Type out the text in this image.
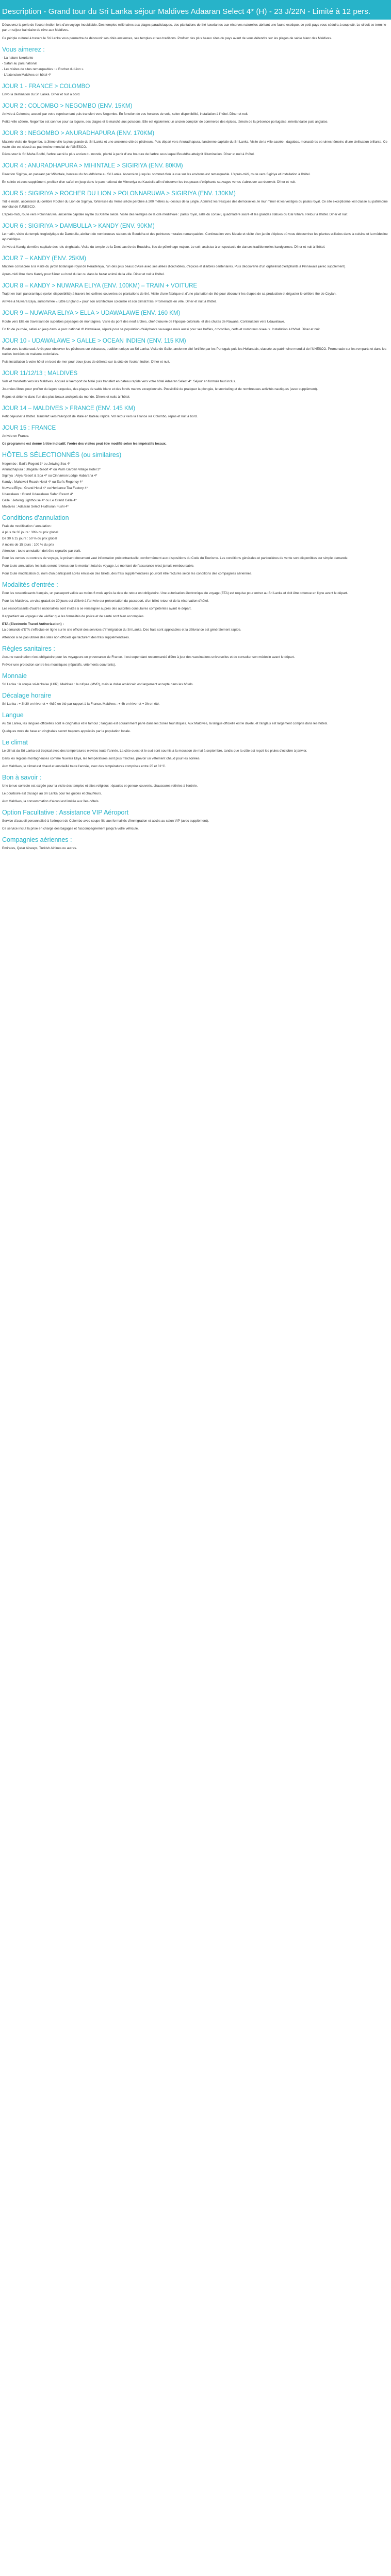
Description - Grand tour du Sri Lanka séjour Maldives Adaaran Select 4* (H) - 23 J/22N - Limité à 12 pers.

Découvrez la perle de l'océan Indien lors d'un voyage inoubliable. Des temples millénaires aux plages paradisiaques, des plantations de thé luxuriantes aux réserves naturelles abritant une faune exotique, ce petit pays vous séduira à coup sûr. Le circuit se termine par un séjour balnéaire de rêve aux Maldives.

Ce périple culturel à travers le Sri Lanka vous permettra de découvrir ses cités anciennes, ses temples et ses traditions. Profitez des plus beaux sites du pays avant de vous détendre sur les plages de sable blanc des Maldives.

Vous aimerez :
- La nature luxuriante
- Safari au parc national
- Les visites de sites remarquables : « Rocher du Lion »
- L'extension Maldives en hôtel 4*
JOUR 1 - FRANCE > COLOMBO

Envol à destination du Sri Lanka. Dîner et nuit à bord.

JOUR 2 : COLOMBO > NEGOMBO (ENV. 15KM)

Arrivée à Colombo, accueil par votre représentant puis transfert vers Negombo. En fonction de vos horaires de vols, selon disponibilité, installation à l'hôtel. Dîner et nuit.

Petite ville côtière, Negombo est connue pour sa lagune, ses plages et le marché aux poissons. Elle est également un ancien comptoir de commerce des épices, témoin de la présence portugaise, néerlandaise puis anglaise.

JOUR 3 : NEGOMBO > ANURADHAPURA (ENV. 170KM)

Matinée visite de Negombo, la 3ème ville la plus grande du Sri Lanka et une ancienne cité de pêcheurs. Puis départ vers Anuradhapura, l'ancienne capitale du Sri Lanka. Visite de la ville sacrée : dagobas, monastères et ruines témoins d'une civilisation brillante. Ce vaste site est classé au patrimoine mondial de l'UNESCO.

Découvrez le Sri Maha Bodhi, l'arbre sacré le plus ancien du monde, planté à partir d'une bouture de l'arbre sous lequel Bouddha atteignit l'illumination. Dîner et nuit à l'hôtel.

JOUR 4 : ANURADHAPURA > MIHINTALE > SIGIRIYA (ENV. 80KM)

Direction Sigiriya, en passant par Mihintale, berceau du bouddhisme au Sri Lanka. Ascension jusqu'au sommet d'où la vue sur les environs est remarquable. L'après-midi, route vers Sigiriya et installation à l'hôtel.

En soirée et avec supplément, profitez d'un safari en jeep dans le parc national de Minneriya ou Kaudulla afin d'observer les troupeaux d'éléphants sauvages venus s'abreuver au réservoir. Dîner et nuit.

JOUR 5 : SIGIRIYA > ROCHER DU LION > POLONNARUWA > SIGIRIYA (ENV. 130KM)

Tôt le matin, ascension du célèbre Rocher du Lion de Sigiriya, forteresse du Vème siècle perchée à 200 mètres au-dessus de la jungle. Admirez les fresques des demoiselles, le mur miroir et les vestiges du palais royal. Ce site exceptionnel est classé au patrimoine mondial de l'UNESCO.

L'après-midi, route vers Polonnaruwa, ancienne capitale royale du XIème siècle. Visite des vestiges de la cité médiévale : palais royal, salle du conseil, quadrilatère sacré et les grandes statues du Gal Vihara. Retour à l'hôtel. Dîner et nuit.

JOUR 6 : SIGIRIYA > DAMBULLA > KANDY (ENV. 90KM)

Le matin, visite du temple troglodytique de Dambulla, abritant de nombreuses statues de Bouddha et des peintures murales remarquables. Continuation vers Matale et visite d'un jardin d'épices où vous découvrirez les plantes utilisées dans la cuisine et la médecine ayurvédique.

Arrivée à Kandy, dernière capitale des rois cinghalais. Visite du temple de la Dent sacrée du Bouddha, lieu de pèlerinage majeur. Le soir, assistez à un spectacle de danses traditionnelles kandyennes. Dîner et nuit à l'hôtel.

JOUR 7 – KANDY (ENV. 25KM)

Matinée consacrée à la visite du jardin botanique royal de Peradeniya, l'un des plus beaux d'Asie avec ses allées d'orchidées, d'épices et d'arbres centenaires. Puis découverte d'un orphelinat d'éléphants à Pinnawala (avec supplément).

Après-midi libre dans Kandy pour flâner au bord du lac ou dans le bazar animé de la ville. Dîner et nuit à l'hôtel.

JOUR 8 – KANDY > NUWARA ELIYA (ENV. 100KM) – TRAIN + VOITURE

Trajet en train panoramique (selon disponibilité) à travers les collines couvertes de plantations de thé. Visite d'une fabrique et d'une plantation de thé pour découvrir les étapes de sa production et déguster le célèbre thé de Ceylan.

Arrivée à Nuwara Eliya, surnommée « Little England » pour son architecture coloniale et son climat frais. Promenade en ville. Dîner et nuit à l'hôtel.

JOUR 9 – NUWARA ELIYA > ELLA > UDAWALAWE (ENV. 160 KM)

Route vers Ella en traversant de superbes paysages de montagnes. Visite du pont des neuf arches, chef-d'œuvre de l'époque coloniale, et des chutes de Rawana. Continuation vers Udawalawe.

En fin de journée, safari en jeep dans le parc national d'Udawalawe, réputé pour sa population d'éléphants sauvages mais aussi pour ses buffles, crocodiles, cerfs et nombreux oiseaux. Installation à l'hôtel. Dîner et nuit.

JOUR 10 - UDAWALAWE > GALLE > OCEAN INDIEN (ENV. 115 KM)

Route vers la côte sud. Arrêt pour observer les pêcheurs sur échasses, tradition unique au Sri Lanka. Visite de Galle, ancienne cité fortifiée par les Portugais puis les Hollandais, classée au patrimoine mondial de l'UNESCO. Promenade sur les remparts et dans les ruelles bordées de maisons coloniales.

Puis installation à votre hôtel en bord de mer pour deux jours de détente sur la côte de l'océan Indien. Dîner et nuit.

JOUR 11/12/13 ; MALDIVES

Vols et transferts vers les Maldives. Accueil à l'aéroport de Malé puis transfert en bateau rapide vers votre hôtel Adaaran Select 4*. Séjour en formule tout inclus.

Journées libres pour profiter du lagon turquoise, des plages de sable blanc et des fonds marins exceptionnels. Possibilité de pratiquer la plongée, le snorkeling et de nombreuses activités nautiques (avec supplément).

Repos et détente dans l'un des plus beaux archipels du monde. Dîners et nuits à l'hôtel.

JOUR 14 – MALDIVES > FRANCE (ENV. 145 KM)

Petit déjeuner à l'hôtel. Transfert vers l'aéroport de Malé en bateau rapide. Vol retour vers la France via Colombo, repas et nuit à bord.

JOUR 15 : FRANCE

Arrivée en France.

Ce programme est donné à titre indicatif, l'ordre des visites peut être modifié selon les impératifs locaux.

HÔTELS SÉLECTIONNÉS (ou similaires)
Negombo : Earl's Regent 3* ou Jetwing Sea 4*
Anuradhapura : Ulagalla Resort 4* ou Palm Garden Village Hotel 3*
Sigiriya : Aliya Resort & Spa 4* ou Cinnamon Lodge Habarana 4*
Kandy : Mahaweli Reach Hotel 4* ou Earl's Regency 4*
Nuwara Eliya : Grand Hotel 4* ou Heritance Tea Factory 4*
Udawalawe : Grand Udawalawe Safari Resort 4*
Galle : Jetwing Lighthouse 4* ou Le Grand Galle 4*
Maldives : Adaaran Select Hudhuran Fushi 4*
Conditions d'annulation
Frais de modification / annulation :
A plus de 30 jours : 30% du prix global
De 30 à 15 jours : 50 % du prix global
A moins de 15 jours : 100 % du prix
Attention : toute annulation doit être signalée par écrit.

Pour les ventes ou contrats de voyage, le présent document vaut information précontractuelle, conformément aux dispositions du Code du Tourisme. Les conditions générales et particulières de vente sont disponibles sur simple demande.

Pour toute annulation, les frais seront retenus sur le montant total du voyage. Le montant de l'assurance n'est jamais remboursable.

Pour toute modification du nom d'un participant après émission des billets, des frais supplémentaires pourront être facturés selon les conditions des compagnies aériennes.

Modalités d'entrée :

Pour les ressortissants français, un passeport valide au moins 6 mois après la date de retour est obligatoire. Une autorisation électronique de voyage (ETA) est requise pour entrer au Sri Lanka et doit être obtenue en ligne avant le départ.

Pour les Maldives, un visa gratuit de 30 jours est délivré à l'arrivée sur présentation du passeport, d'un billet retour et de la réservation d'hôtel.

Les ressortissants d'autres nationalités sont invités à se renseigner auprès des autorités consulaires compétentes avant le départ.

Il appartient au voyageur de vérifier que les formalités de police et de santé sont bien accomplies.

ETA (Electronic Travel Authorization) :

La demande d'ETA s'effectue en ligne sur le site officiel des services d'immigration du Sri Lanka. Des frais sont applicables et la délivrance est généralement rapide.

Attention à ne pas utiliser des sites non officiels qui facturent des frais supplémentaires.

Règles sanitaires :

Aucune vaccination n'est obligatoire pour les voyageurs en provenance de France. Il est cependant recommandé d'être à jour des vaccinations universelles et de consulter son médecin avant le départ.

Prévoir une protection contre les moustiques (répulsifs, vêtements couvrants).

Monnaie

Sri Lanka : la roupie sri-lankaise (LKR). Maldives : la rufiyaa (MVR), mais le dollar américain est largement accepté dans les hôtels.

Décalage horaire

Sri Lanka : + 3h30 en hiver et + 4h30 en été par rapport à la France. Maldives : + 4h en hiver et + 3h en été.

Langue

Au Sri Lanka, les langues officielles sont le cinghalais et le tamoul ; l'anglais est couramment parlé dans les zones touristiques. Aux Maldives, la langue officielle est le divehi, et l'anglais est largement compris dans les hôtels.

Quelques mots de base en cinghalais seront toujours appréciés par la population locale.

Le climat

Le climat du Sri Lanka est tropical avec des températures élevées toute l'année. La côte ouest et le sud sont soumis à la mousson de mai à septembre, tandis que la côte est reçoit les pluies d'octobre à janvier.

Dans les régions montagneuses comme Nuwara Eliya, les températures sont plus fraîches, prévoir un vêtement chaud pour les soirées.

Aux Maldives, le climat est chaud et ensoleillé toute l'année, avec des températures comprises entre 25 et 31°C.

Bon à savoir :

Une tenue correcte est exigée pour la visite des temples et sites religieux : épaules et genoux couverts, chaussures retirées à l'entrée.

Le pourboire est d'usage au Sri Lanka pour les guides et chauffeurs.

Aux Maldives, la consommation d'alcool est limitée aux îles-hôtels.

Option Facultative : Assistance VIP Aéroport

Service d'accueil personnalisé à l'aéroport de Colombo avec coupe-file aux formalités d'immigration et accès au salon VIP (avec supplément).

Ce service inclut la prise en charge des bagages et l'accompagnement jusqu'à votre véhicule.

Compagnies aériennes :

Emirates, Qatar Airways, Turkish Airlines ou autres.
